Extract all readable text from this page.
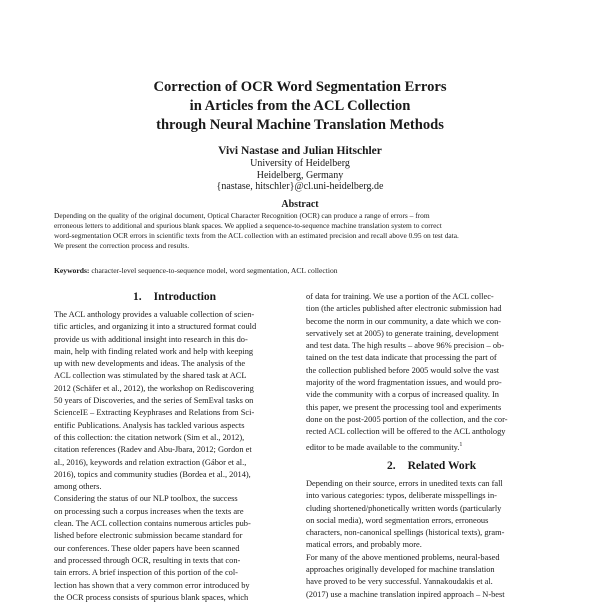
Correction of OCR Word Segmentation Errors
in Articles from the ACL Collection
through Neural Machine Translation Methods
Vivi Nastase and Julian Hitschler
University of Heidelberg
Heidelberg, Germany
{nastase, hitschler}@cl.uni-heidelberg.de
Abstract
Depending on the quality of the original document, Optical Character Recognition (OCR) can produce a range of errors – from
erroneous letters to additional and spurious blank spaces. We applied a sequence-to-sequence machine translation system to correct
word-segmentation OCR errors in scientific texts from the ACL collection with an estimated precision and recall above 0.95 on test data.
We present the correction process and results.
Keywords: character-level sequence-to-sequence model, word segmentation, ACL collection
1. Introduction
The ACL anthology provides a valuable collection of scien-
tific articles, and organizing it into a structured format could
provide us with additional insight into research in this do-
main, help with finding related work and help with keeping
up with new developments and ideas. The analysis of the
ACL collection was stimulated by the shared task at ACL
2012 (Schäfer et al., 2012), the workshop on Rediscovering
50 years of Discoveries, and the series of SemEval tasks on
ScienceIE – Extracting Keyphrases and Relations from Sci-
entific Publications. Analysis has tackled various aspects
of this collection: the citation network (Sim et al., 2012),
citation references (Radev and Abu-Jbara, 2012; Gordon et
al., 2016), keywords and relation extraction (Gábor et al.,
2016), topics and community studies (Bordea et al., 2014),
among others.
Considering the status of our NLP toolbox, the success
on processing such a corpus increases when the texts are
clean. The ACL collection contains numerous articles pub-
lished before electronic submission became standard for
our conferences. These older papers have been scanned
and processed through OCR, resulting in texts that con-
tain errors. A brief inspection of this portion of the col-
lection has shown that a very common error introduced by
the OCR process consists of spurious blank spaces, which
of data for training. We use a portion of the ACL collec-
tion (the articles published after electronic submission had
become the norm in our community, a date which we con-
servatively set at 2005) to generate training, development
and test data. The high results – above 96% precision – ob-
tained on the test data indicate that processing the part of
the collection published before 2005 would solve the vast
majority of the word fragmentation issues, and would pro-
vide the community with a corpus of increased quality. In
this paper, we present the processing tool and experiments
done on the post-2005 portion of the collection, and the cor-
rected ACL collection will be offered to the ACL anthology
editor to be made available to the community.$^1$
2. Related Work
Depending on their source, errors in unedited texts can fall
into various categories: typos, deliberate misspellings in-
cluding shortened/phonetically written words (particularly
on social media), word segmentation errors, erroneous
characters, non-canonical spellings (historical texts), gram-
matical errors, and probably more.
For many of the above mentioned problems, neural-based
approaches originally developed for machine translation
have proved to be very successful. Yannakoudakis et al.
(2017) use a machine translation inpired approach – N-best
